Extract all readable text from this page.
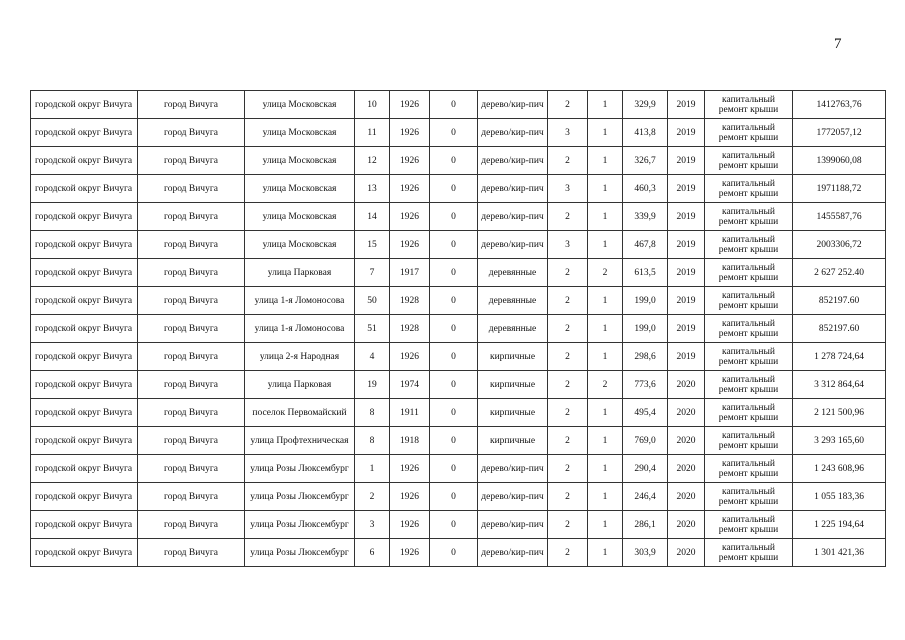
7
городской округ Вичуга	город Вичуга	улица Московская	10	1926	0	дерево/кир-пич	2	1	329,9	2019	капитальный ремонт крыши	1412763,76
городской округ Вичуга	город Вичуга	улица Московская	11	1926	0	дерево/кир-пич	3	1	413,8	2019	капитальный ремонт крыши	1772057,12
городской округ Вичуга	город Вичуга	улица Московская	12	1926	0	дерево/кир-пич	2	1	326,7	2019	капитальный ремонт крыши	1399060,08
городской округ Вичуга	город Вичуга	улица Московская	13	1926	0	дерево/кир-пич	3	1	460,3	2019	капитальный ремонт крыши	1971188,72
городской округ Вичуга	город Вичуга	улица Московская	14	1926	0	дерево/кир-пич	2	1	339,9	2019	капитальный ремонт крыши	1455587,76
городской округ Вичуга	город Вичуга	улица Московская	15	1926	0	дерево/кир-пич	3	1	467,8	2019	капитальный ремонт крыши	2003306,72
городской округ Вичуга	город Вичуга	улица Парковая	7	1917	0	деревянные	2	2	613,5	2019	капитальный ремонт крыши	2 627 252.40
городской округ Вичуга	город Вичуга	улица 1-я Ломоносова	50	1928	0	деревянные	2	1	199,0	2019	капитальный ремонт крыши	852197.60
городской округ Вичуга	город Вичуга	улица 1-я Ломоносова	51	1928	0	деревянные	2	1	199,0	2019	капитальный ремонт крыши	852197.60
городской округ Вичуга	город Вичуга	улица 2-я Народная	4	1926	0	кирпичные	2	1	298,6	2019	капитальный ремонт крыши	1 278 724,64
городской округ Вичуга	город Вичуга	улица Парковая	19	1974	0	кирпичные	2	2	773,6	2020	капитальный ремонт крыши	3 312 864,64
городской округ Вичуга	город Вичуга	поселок Первомайский	8	1911	0	кирпичные	2	1	495,4	2020	капитальный ремонт крыши	2 121 500,96
городской округ Вичуга	город Вичуга	улица Профтехническая	8	1918	0	кирпичные	2	1	769,0	2020	капитальный ремонт крыши	3 293 165,60
городской округ Вичуга	город Вичуга	улица Розы Люксембург	1	1926	0	дерево/кир-пич	2	1	290,4	2020	капитальный ремонт крыши	1 243 608,96
городской округ Вичуга	город Вичуга	улица Розы Люксембург	2	1926	0	дерево/кир-пич	2	1	246,4	2020	капитальный ремонт крыши	1 055 183,36
городской округ Вичуга	город Вичуга	улица Розы Люксембург	3	1926	0	дерево/кир-пич	2	1	286,1	2020	капитальный ремонт крыши	1 225 194,64
городской округ Вичуга	город Вичуга	улица Розы Люксембург	6	1926	0	дерево/кир-пич	2	1	303,9	2020	капитальный ремонт крыши	1 301 421,36
